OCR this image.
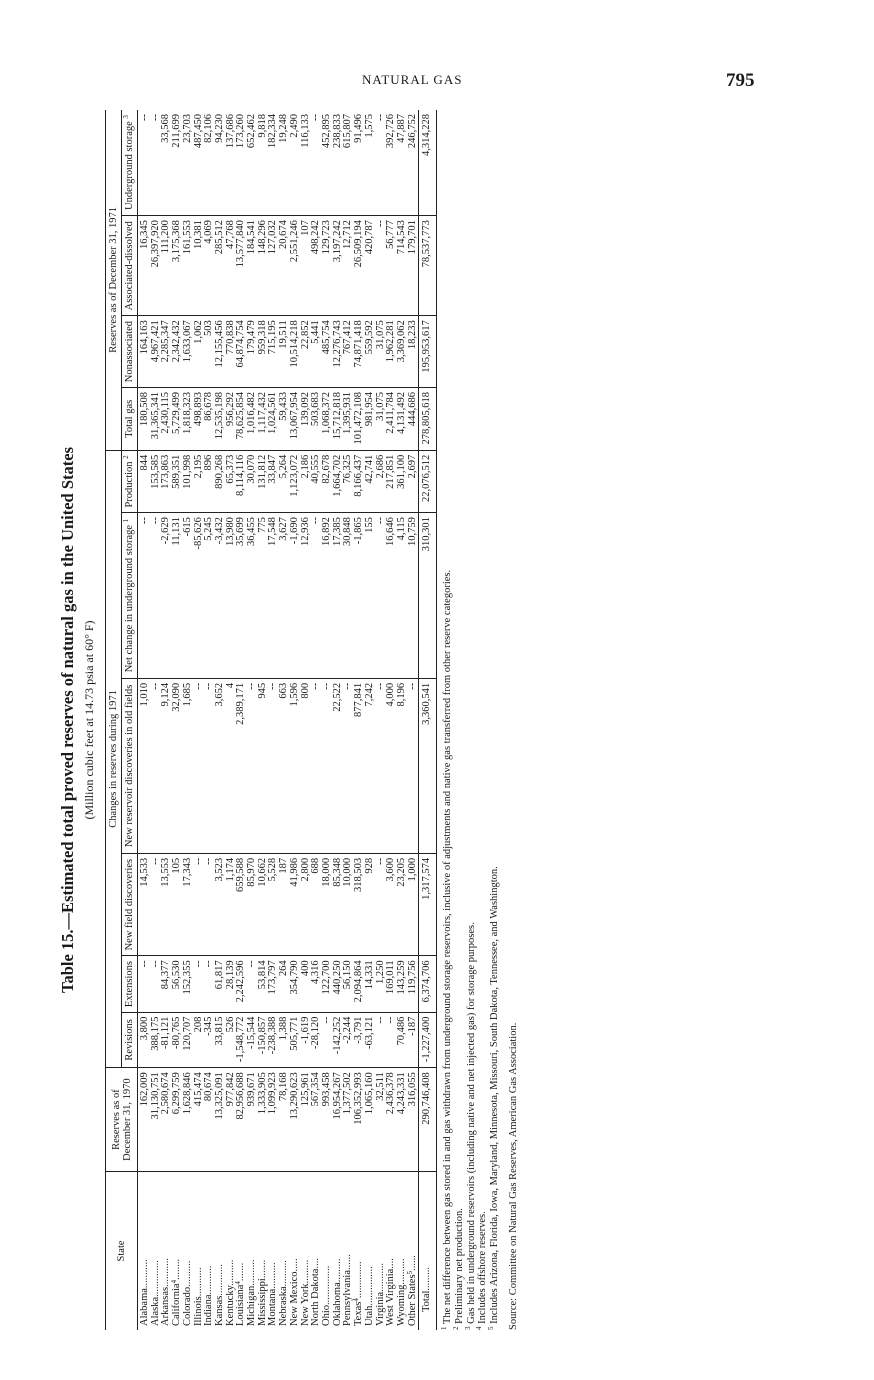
NATURAL GAS	795
Table 15.—Estimated total proved reserves of natural gas in the United States (Million cubic feet at 14.73 psia at 60° F)
State	Reserves as of December 31, 1970	Changes in reserves during 1971						Reserves as of December 31, 1971			
		Revisions	Extensions	New field discoveries	New reservoir discoveries in old fields	Net change in underground storage $^1$	Production $^2$	Total gas	Nonassociated	Associated-dissolved	Underground storage $^3$
Alabama...........	162,009	3,800	--	14,533	1,010	--	844	180,508	164,163	16,345	--
Alaska..............	31,130,751	388,175	--	--	--	--	153,585	31,365,341	4,967,421	26,397,920	--
Arkansas...........	2,580,674	-81,121	84,377	13,553	9,124	-2,629	173,863	2,430,115	2,285,347	111,200	33,568
California$^4$........	6,299,759	-80,765	56,530	105	32,090	11,131	589,351	5,729,499	2,342,432	3,175,368	211,699
Colorado..........	1,628,846	120,707	152,355	17,343	1,685	-615	101,998	1,818,323	1,633,067	161,553	23,703
Illinois...........	415,474	208	--	--	--	-85,626	2,195	498,893	1,062	10,381	487,450
Indiana...........	80,674	-345	--	--	--	5,245	896	86,678	503	4,069	82,106
Kansas............	13,325,091	33,815	61,817	3,523	3,652	-3,432	890,268	12,535,198	12,155,456	285,512	94,230
Kentucky..........	977,842	526	28,139	1,174	4	13,980	65,373	956,292	770,838	47,768	137,686
Louisiana$^4$.......	82,956,688	-1,548,772	2,242,596	659,588	2,389,171	35,699	8,114,116	78,625,854	64,874,754	13,577,840	173,260
Michigan..........	939,671	-15,544	--	85,970	--	36,455	30,070	1,016,482	179,479	184,541	652,462
Mississippi.......	1,333,905	-150,857	53,814	10,662	945	775	131,812	1,117,432	959,318	148,296	9,818
Montana..........	1,099,923	-238,388	173,797	5,528	--	17,548	33,847	1,024,561	715,195	127,032	182,334
Nebraska..........	78,168	1,388	264	187	663	3,627	5,264	59,433	19,511	20,674	19,248
New Mexico.....	13,290,623	505,771	354,790	41,986	1,596	-1,690	1,123,072	13,067,954	10,514,218	2,551,246	2,490
New York.........	125,961	-1,619	400	2,800	800	12,936	2,186	139,092	22,852	107	116,133
North Dakota....	567,354	-28,120	4,316	688	--	--	40,555	503,683	5,441	498,242	--
Ohio...............	993,458	--	122,700	18,000	--	16,892	82,678	1,068,372	485,754	129,723	452,895
Oklahoma.........	16,954,267	-142,252	440,250	85,348	22,522	17,385	1,664,702	15,712,818	12,276,743	3,197,242	238,833
Pennsylvania......	1,377,502	-2,244	56,150	10,000	--	30,848	76,325	1,395,931	767,412	12,712	615,807
Texas$^4$..............	106,352,993	-3,791	2,094,864	318,503	877,841	-1,865	8,166,437	101,472,108	74,871,418	26,509,194	91,496
Utah...............	1,065,160	-63,121	14,331	928	7,242	155	42,741	981,954	559,592	420,787	1,575
Virginia...........	32,511	--	1,250	--	--	--	2,686	31,075	31,075	--	--
West Virginia....	2,436,378	--	169,011	3,600	4,000	16,646	217,851	2,411,784	1,962,281	56,777	392,726
Wyoming..........	4,243,331	70,486	143,259	23,205	8,196	4,115	361,100	4,131,492	3,369,062	714,543	47,887
Other States$^5$......	316,055	-187	119,756	1,000	--	10,759	2,697	444,686	18,233	179,701	246,752
Total.........	290,746,408	-1,227,400	6,374,706	1,317,574	3,360,541	310,301	22,076,512	278,805,618	195,953,617	78,537,773	4,314,228

$^1$ The net difference between gas stored in and gas withdrawn from underground storage reservoirs, inclusive of adjustments and native gas transferred from other reserve categories.

$^2$ Preliminary net production.

$^3$ Gas held in underground reservoirs (including native and net injected gas) for storage purposes.

$^4$ Includes offshore reserves.

$^5$ Includes Arizona, Florida, Iowa, Maryland, Minnesota, Missouri, South Dakota, Tennessee, and Washington. Source: Committee on Natural Gas Reserves, American Gas Association.
